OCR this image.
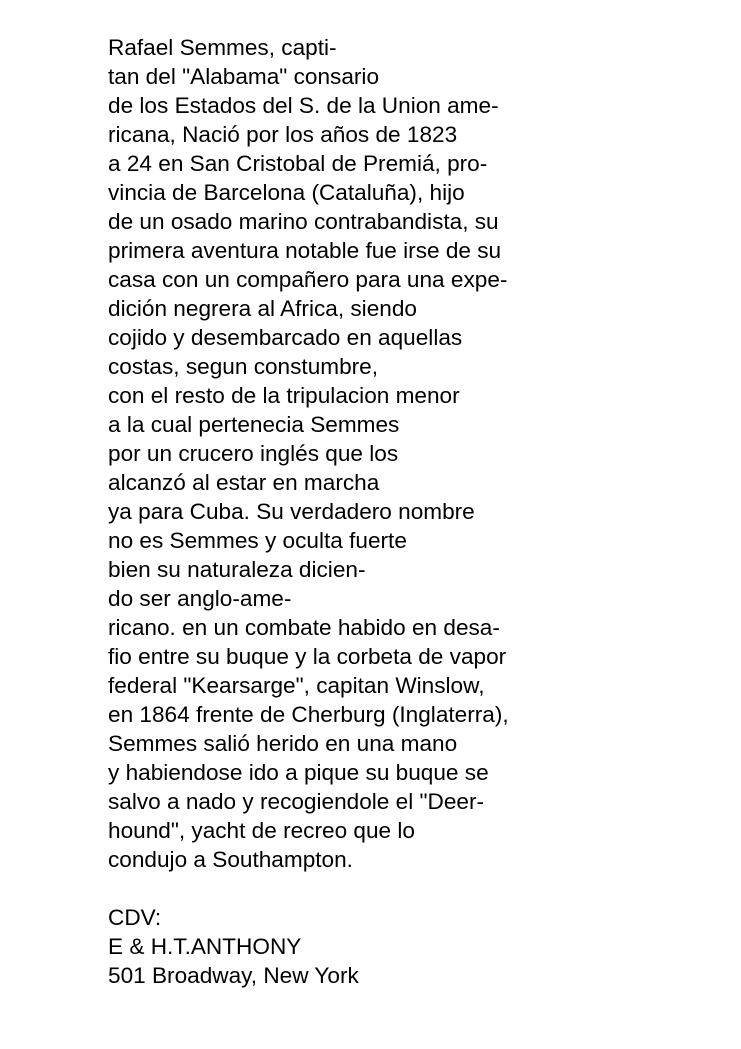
Rafael Semmes, capti-
tan del "Alabama" consario
de los Estados del S. de la Union ame-
ricana, Nació por los años de 1823
a 24 en San Cristobal de Premiá, pro-
vincia de Barcelona (Cataluña), hijo
de un osado marino contrabandista, su
primera aventura notable fue irse de su
casa con un compañero para una expe-
dición negrera al Africa, siendo
cojido y desembarcado en aquellas
costas, segun constumbre,
con el resto de la tripulacion menor
a la cual pertenecia Semmes
por un crucero inglés que los
alcanzó al estar en marcha
ya para Cuba. Su verdadero nombre
no es Semmes y oculta fuerte
bien su naturaleza dicien-
do ser anglo-ame-
ricano. en un combate habido en desa-
fio entre su buque y la corbeta de vapor
federal "Kearsarge", capitan Winslow,
en 1864 frente de Cherburg (Inglaterra),
Semmes salió herido en una mano
y habiendose ido a pique su buque se
salvo a nado y recogiendole el "Deer-
hound", yacht de recreo que lo
condujo a Southampton.
CDV:
E & H.T.ANTHONY
501 Broadway, New York
